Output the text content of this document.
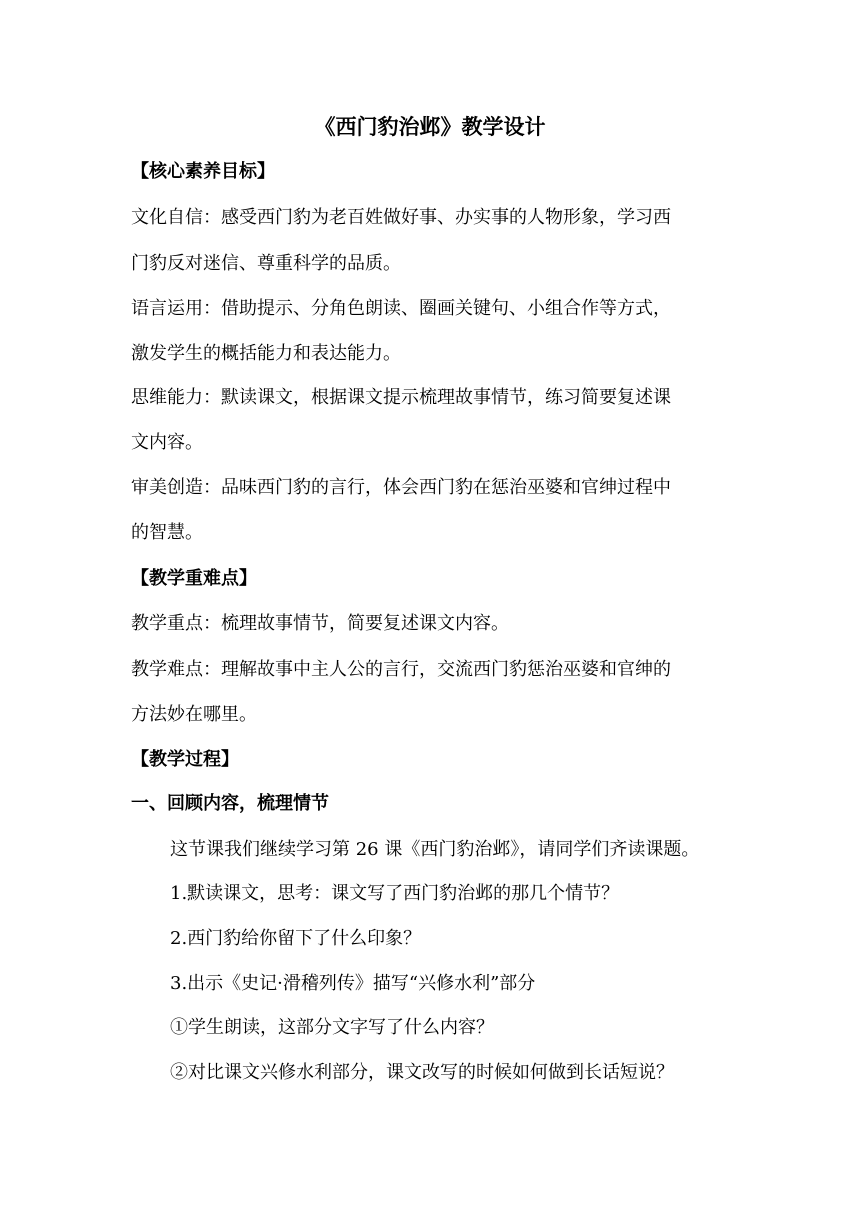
《西门豹治邺》教学设计
【核心素养目标】
文化自信：感受西门豹为老百姓做好事、办实事的人物形象，学习西
门豹反对迷信、尊重科学的品质。
语言运用：借助提示、分角色朗读、圈画关键句、小组合作等方式，
激发学生的概括能力和表达能力。
思维能力：默读课文，根据课文提示梳理故事情节，练习简要复述课
文内容。
审美创造：品味西门豹的言行，体会西门豹在惩治巫婆和官绅过程中
的智慧。
【教学重难点】
教学重点：梳理故事情节，简要复述课文内容。
教学难点：理解故事中主人公的言行，交流西门豹惩治巫婆和官绅的
方法妙在哪里。
【教学过程】
一、回顾内容，梳理情节
这节课我们继续学习第 26 课《西门豹治邺》，请同学们齐读课题。
1.默读课文，思考：课文写了西门豹治邺的那几个情节？
2.西门豹给你留下了什么印象？
3.出示《史记·滑稽列传》描写“兴修水利”部分
①学生朗读，这部分文字写了什么内容？
②对比课文兴修水利部分，课文改写的时候如何做到长话短说？
